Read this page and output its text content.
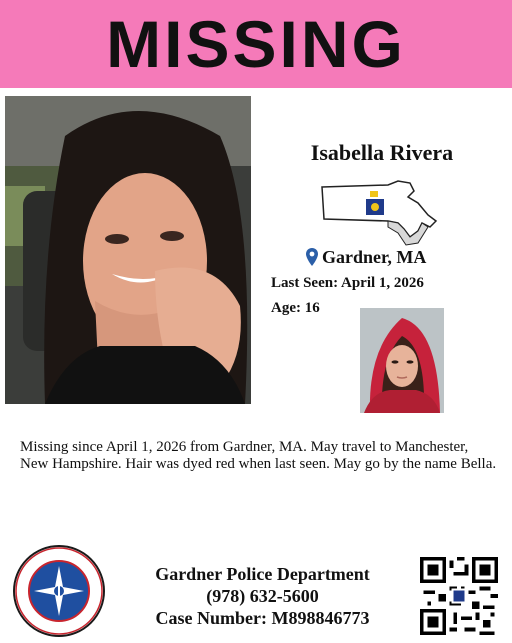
MISSING
Isabella Rivera
Gardner, MA
Last Seen: April 1, 2026
Age: 16
Missing since April 1, 2026 from Gardner, MA. May travel to Manchester, New Hampshire. Hair was dyed red when last seen. May go by the name Bella.
Gardner Police Department
(978) 632-5600
Case Number: M898846773
